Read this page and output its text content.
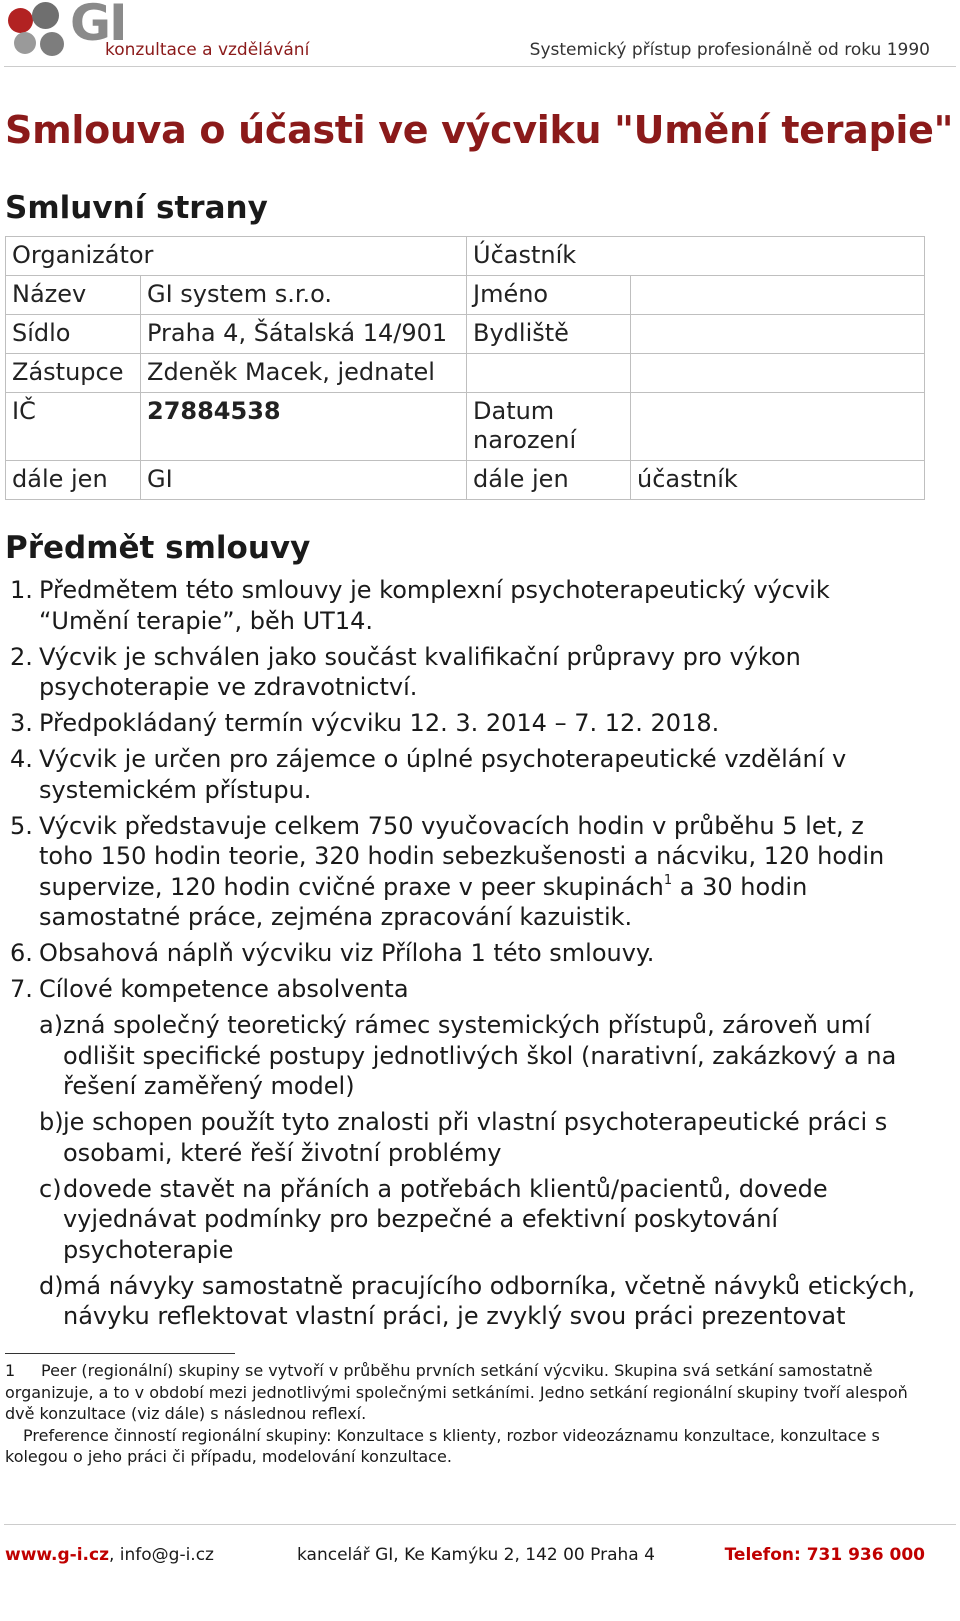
GI
konzultace a vzdělávání	Systemický přístup profesionálně od roku 1990
Smlouva o účasti ve výcviku "Umění terapie"
Smluvní strany
Organizátor		Účastník	
Název	GI system s.r.o.	Jméno	
Sídlo	Praha 4, Šátalská 14/901	Bydliště	
Zástupce	Zdeněk Macek, jednatel		
IČ	27884538	Datum narození	
dále jen	GI	dále jen	účastník
Předmět smlouvy
1. Předmětem této smlouvy je komplexní psychoterapeutický výcvik “Umění terapie”, běh UT14.
2. Výcvik je schválen jako součást kvalifikační průpravy pro výkon psychoterapie ve zdravotnictví.
3. Předpokládaný termín výcviku 12. 3. 2014 – 7. 12. 2018.
4. Výcvik je určen pro zájemce o úplné psychoterapeutické vzdělání v systemickém přístupu.
5. Výcvik představuje celkem 750 vyučovacích hodin v průběhu 5 let, z toho 150 hodin teorie, 320 hodin sebezkušenosti a nácviku, 120 hodin supervize, 120 hodin cvičné praxe v peer skupinách$^1$ a 30 hodin samostatné práce, zejména zpracování kazuistik.
6. Obsahová náplň výcviku viz Příloha 1 této smlouvy.
7. Cílové kompetence absolventa
a) zná společný teoretický rámec systemických přístupů, zároveň umí odlišit specifické postupy jednotlivých škol (narativní, zakázkový a na řešení zaměřený model)
b) je schopen použít tyto znalosti při vlastní psychoterapeutické práci s osobami, které řeší životní problémy
c) dovede stavět na přáních a potřebách klientů/pacientů, dovede vyjednávat podmínky pro bezpečné a efektivní poskytování psychoterapie
d) má návyky samostatně pracujícího odborníka, včetně návyků etických, návyku reflektovat vlastní práci, je zvyklý svou práci prezentovat
1 Peer (regionální) skupiny se vytvoří v průběhu prvních setkání výcviku. Skupina svá setkání samostatně organizuje, a to v období mezi jednotlivými společnými setkáními. Jedno setkání regionální skupiny tvoří alespoň dvě konzultace (viz dále) s následnou reflexí.
Preference činností regionální skupiny: Konzultace s klienty, rozbor videozáznamu konzultace, konzultace s kolegou o jeho práci či případu, modelování konzultace.
www.g-i.cz, info@g-i.cz	kancelář GI, Ke Kamýku 2, 142 00 Praha 4	Telefon: 731 936 000
